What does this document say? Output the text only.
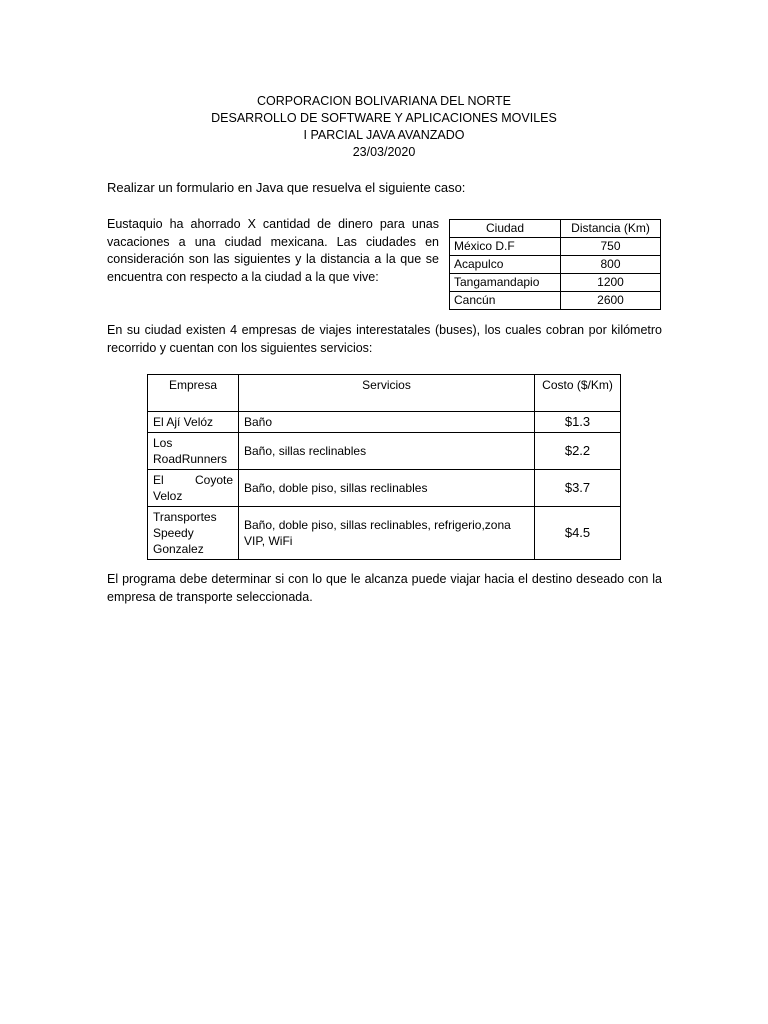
CORPORACION BOLIVARIANA DEL NORTE
DESARROLLO DE SOFTWARE Y APLICACIONES MOVILES
I PARCIAL JAVA AVANZADO
23/03/2020
Realizar un formulario en Java que resuelva el siguiente caso:
Eustaquio ha ahorrado X cantidad de dinero para unas vacaciones a una ciudad mexicana. Las ciudades en consideración son las siguientes y la distancia a la que se encuentra con respecto a la ciudad a la que vive:
Ciudad	Distancia (Km)
México D.F	750
Acapulco	800
Tangamandapio	1200
Cancún	2600
En su ciudad existen 4 empresas de viajes interestatales (buses), los cuales cobran por kilómetro recorrido y cuentan con los siguientes servicios:
Empresa	Servicios	Costo ($/Km)
El Ají Velóz	Baño	$1.3
Los RoadRunners	Baño, sillas reclinables	$2.2
El Coyote Veloz	Baño, doble piso, sillas reclinables	$3.7
Transportes Speedy Gonzalez	Baño, doble piso, sillas reclinables, refrigerio,zona VIP, WiFi	$4.5
El programa debe determinar si con lo que le alcanza puede viajar hacia el destino deseado con la empresa de transporte seleccionada.
